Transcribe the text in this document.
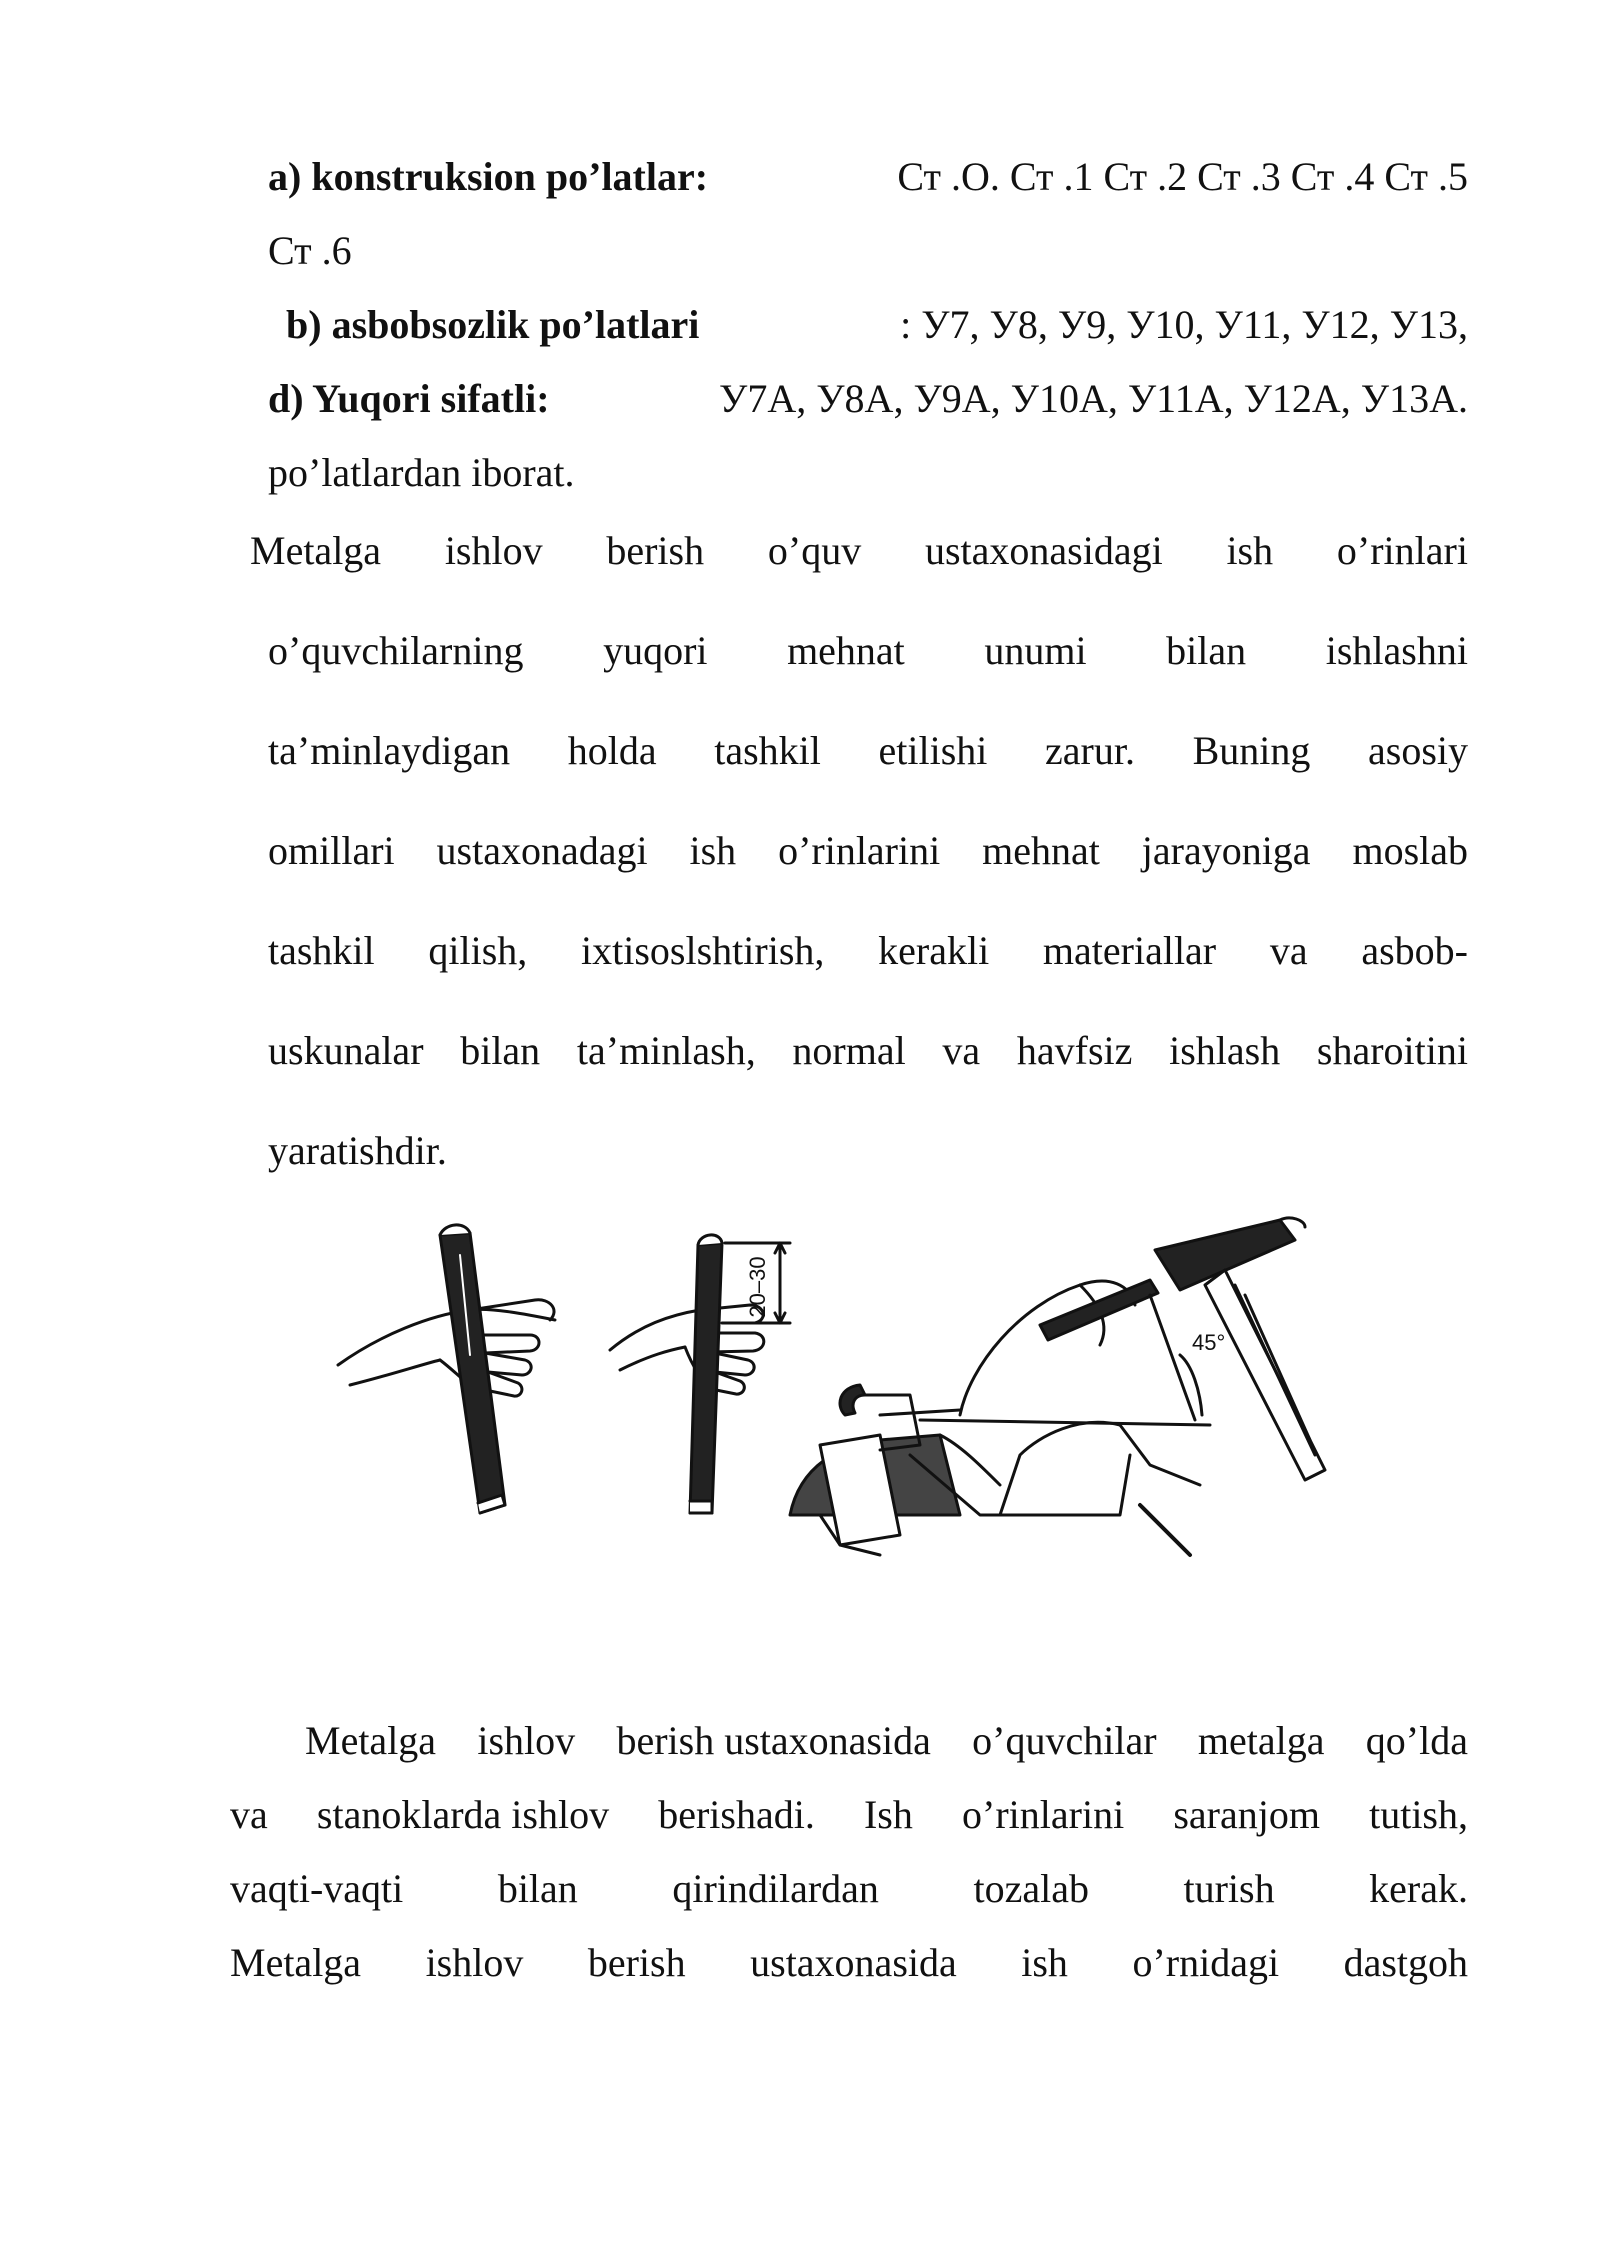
a) konstruksion po’latlar:	Ст .О. Ст .1 Ст .2 Ст .3 Ст .4 Ст .5
Ст .6
b) asbobsozlik po’latlari	: У7, У8, У9, У10, У11, У12, У13,
d) Yuqori sifatli:	У7А, У8А, У9А, У10А, У11А, У12А, У13А.
po’latlardan iborat.
Metalga ishlov berish o’quv ustaxonasidagi ish o’rinlari
o’quvchilarning yuqori mehnat unumi bilan ishlashni
ta’minlaydigan holda tashkil etilishi zarur. Buning asosiy
omillari ustaxonadagi ish o’rinlarini mehnat jarayoniga moslab
tashkil qilish, ixtisoslshtirish, kerakli materiallar va asbob-
uskunalar bilan ta’minlash, normal va havfsiz ishlash sharoitini
yaratishdir.
20–30
45°
Metalga ishlov berish ustaxonasida o’quvchilar metalga qo’lda
va stanoklarda ishlov berishadi. Ish o’rinlarini saranjom tutish,
vaqti-vaqti bilan qirindilardan tozalab turish kerak.
Metalga ishlov berish ustaxonasida ish o’rnidagi dastgoh
